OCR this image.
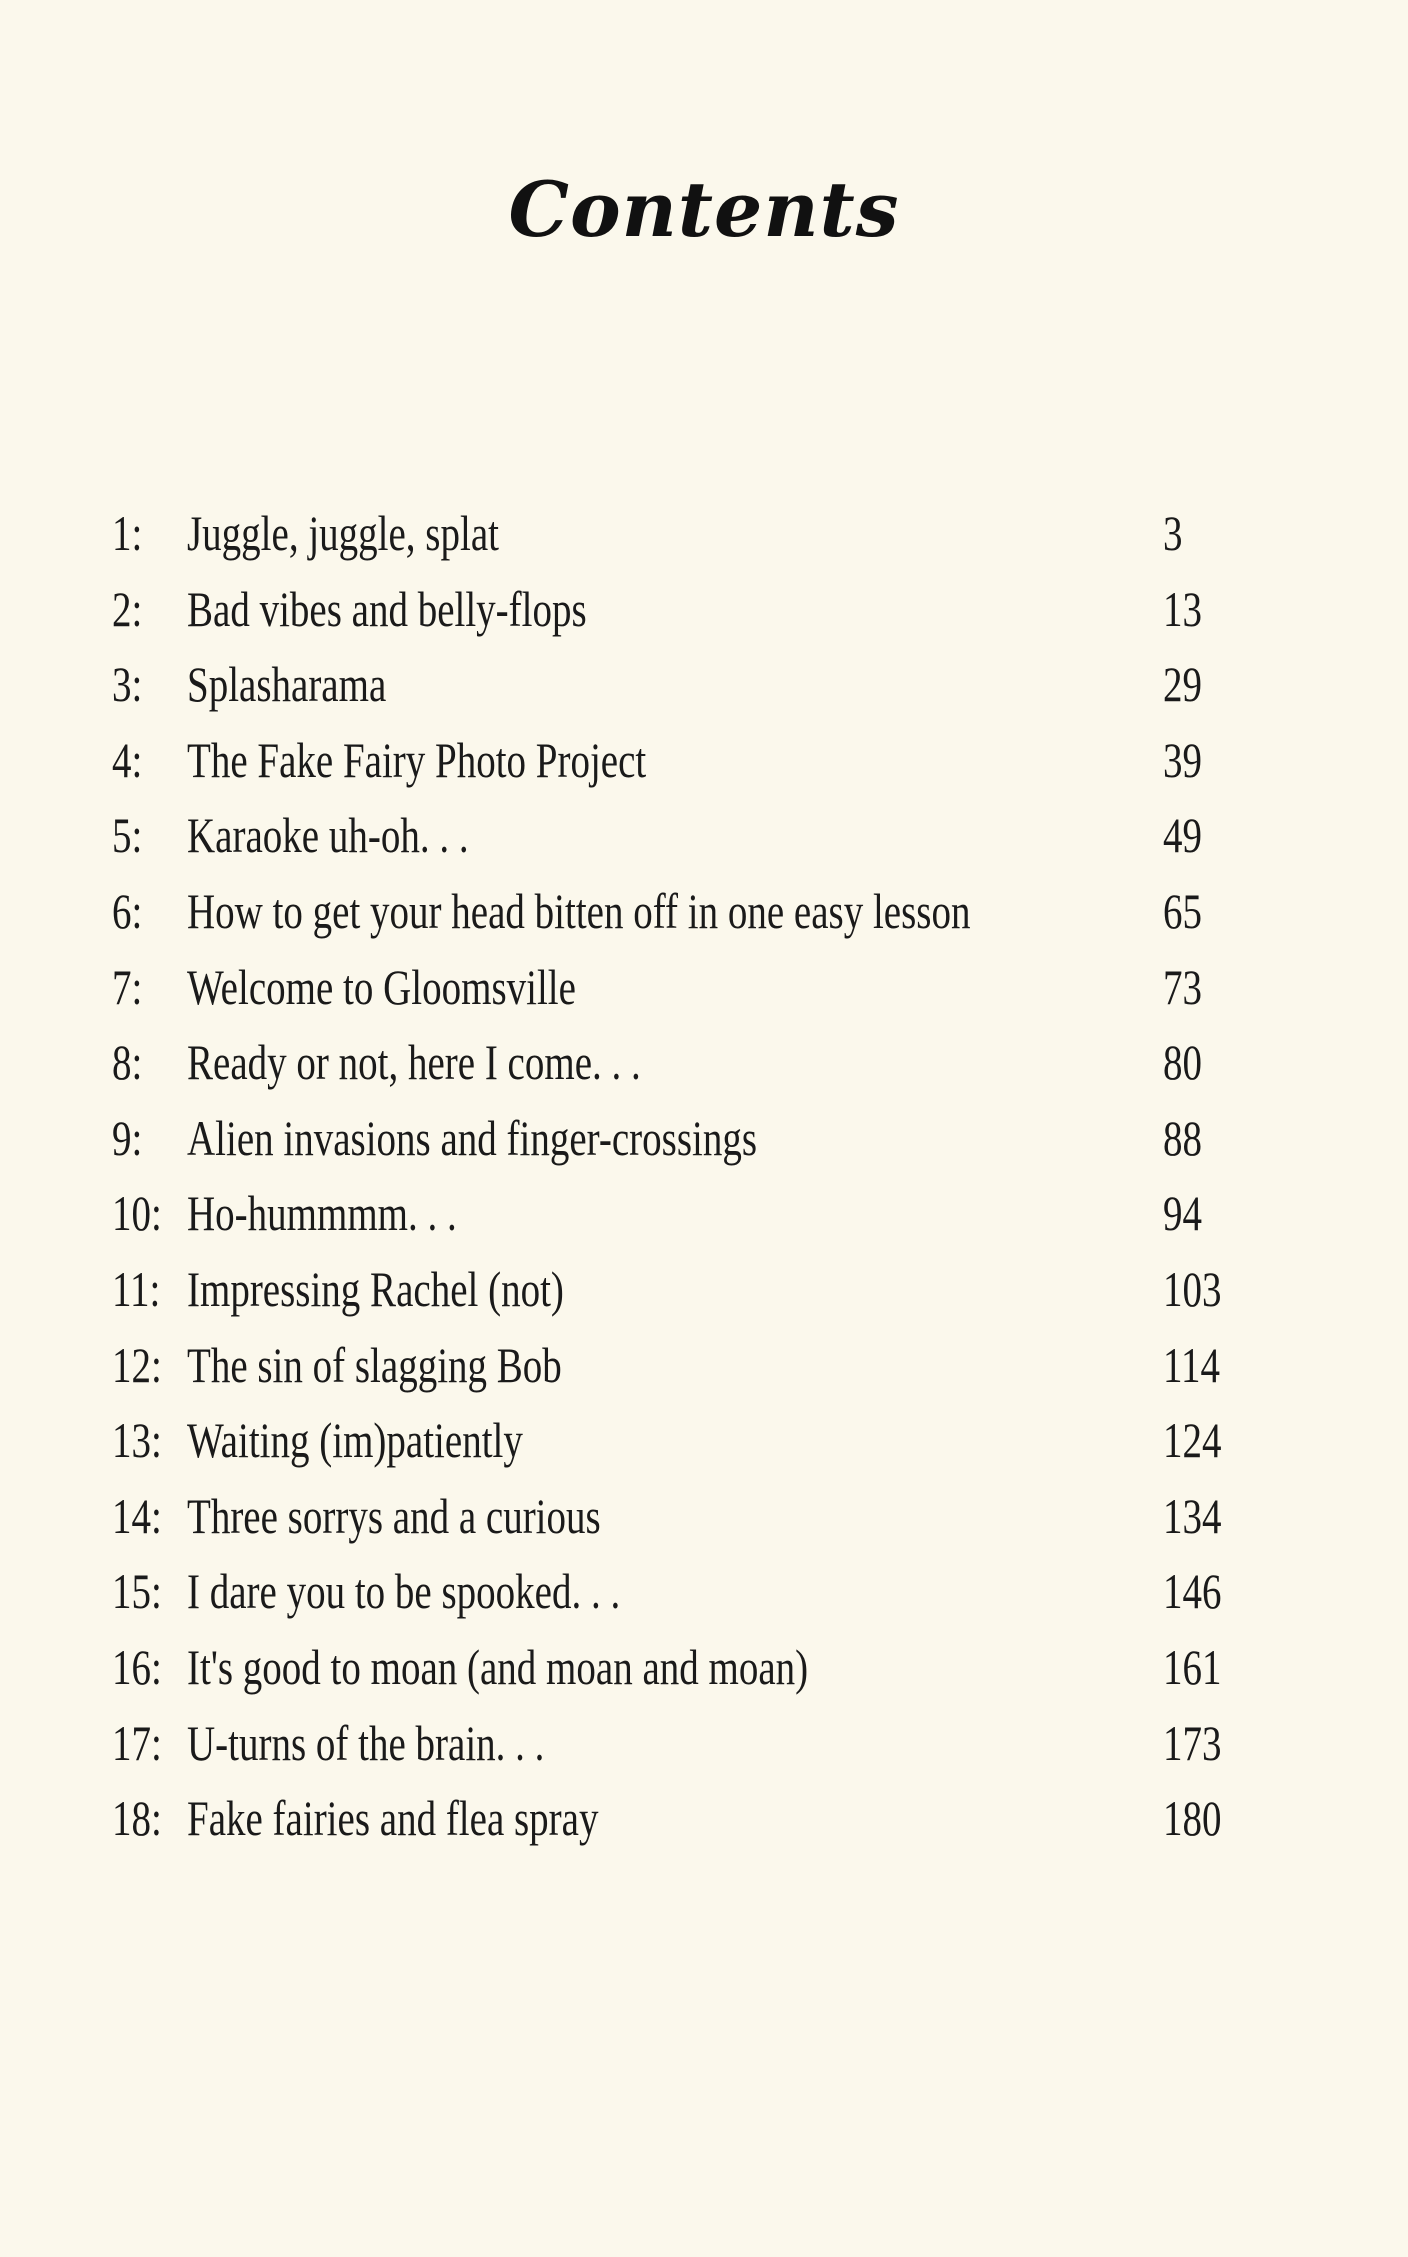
Contents
1: Juggle, juggle, splat	3
2: Bad vibes and belly-flops	13
3: Splasharama	29
4: The Fake Fairy Photo Project	39
5: Karaoke uh-oh. . .	49
6: How to get your head bitten off in one easy lesson	65
7: Welcome to Gloomsville	73
8: Ready or not, here I come. . .	80
9: Alien invasions and finger-crossings	88
10: Ho-hummmm. . .	94
11: Impressing Rachel (not)	103
12: The sin of slagging Bob	114
13: Waiting (im)patiently	124
14: Three sorrys and a curious	134
15: I dare you to be spooked. . .	146
16: It's good to moan (and moan and moan)	161
17: U-turns of the brain. . .	173
18: Fake fairies and flea spray	180
